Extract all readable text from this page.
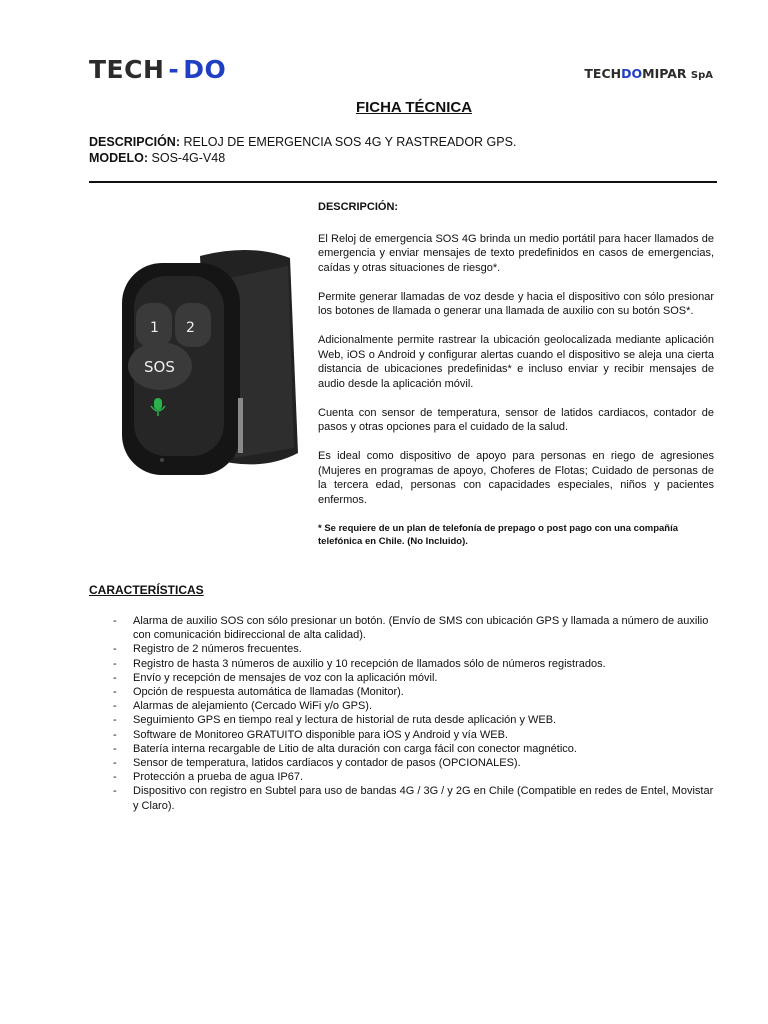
TECH - DO	TECHDOMIPAR SpA
FICHA TÉCNICA
DESCRIPCIÓN: RELOJ DE EMERGENCIA SOS 4G Y RASTREADOR GPS.
MODELO: SOS-4G-V48
1 2
SOS
DESCRIPCIÓN:

El Reloj de emergencia SOS 4G brinda un medio portátil para hacer llamados de emergencia y enviar mensajes de texto predefinidos en casos de emergencias, caídas y otras situaciones de riesgo*.

Permite generar llamadas de voz desde y hacia el dispositivo con sólo presionar los botones de llamada o generar una llamada de auxilio con su botón SOS*.

Adicionalmente permite rastrear la ubicación geolocalizada mediante aplicación Web, iOS o Android y configurar alertas cuando el dispositivo se aleja una cierta distancia de ubicaciones predefinidas* e incluso enviar y recibir mensajes de audio desde la aplicación móvil.

Cuenta con sensor de temperatura, sensor de latidos cardiacos, contador de pasos y otras opciones para el cuidado de la salud.

Es ideal como dispositivo de apoyo para personas en riego de agresiones (Mujeres en programas de apoyo, Choferes de Flotas; Cuidado de personas de la tercera edad, personas con capacidades especiales, niños y pacientes enfermos.

* Se requiere de un plan de telefonía de prepago o post pago con una compañía telefónica en Chile. (No Incluido).

CARACTERÍSTICAS
- Alarma de auxilio SOS con sólo presionar un botón. (Envío de SMS con ubicación GPS y llamada a número de auxilio con comunicación bidireccional de alta calidad).
- Registro de 2 números frecuentes.
- Registro de hasta 3 números de auxilio y 10 recepción de llamados sólo de números registrados.
- Envío y recepción de mensajes de voz con la aplicación móvil.
- Opción de respuesta automática de llamadas (Monitor).
- Alarmas de alejamiento (Cercado WiFi y/o GPS).
- Seguimiento GPS en tiempo real y lectura de historial de ruta desde aplicación y WEB.
- Software de Monitoreo GRATUITO disponible para iOS y Android y vía WEB.
- Batería interna recargable de Litio de alta duración con carga fácil con conector magnético.
- Sensor de temperatura, latidos cardiacos y contador de pasos (OPCIONALES).
- Protección a prueba de agua IP67.
- Dispositivo con registro en Subtel para uso de bandas 4G / 3G / y 2G en Chile (Compatible en redes de Entel, Movistar y Claro).
